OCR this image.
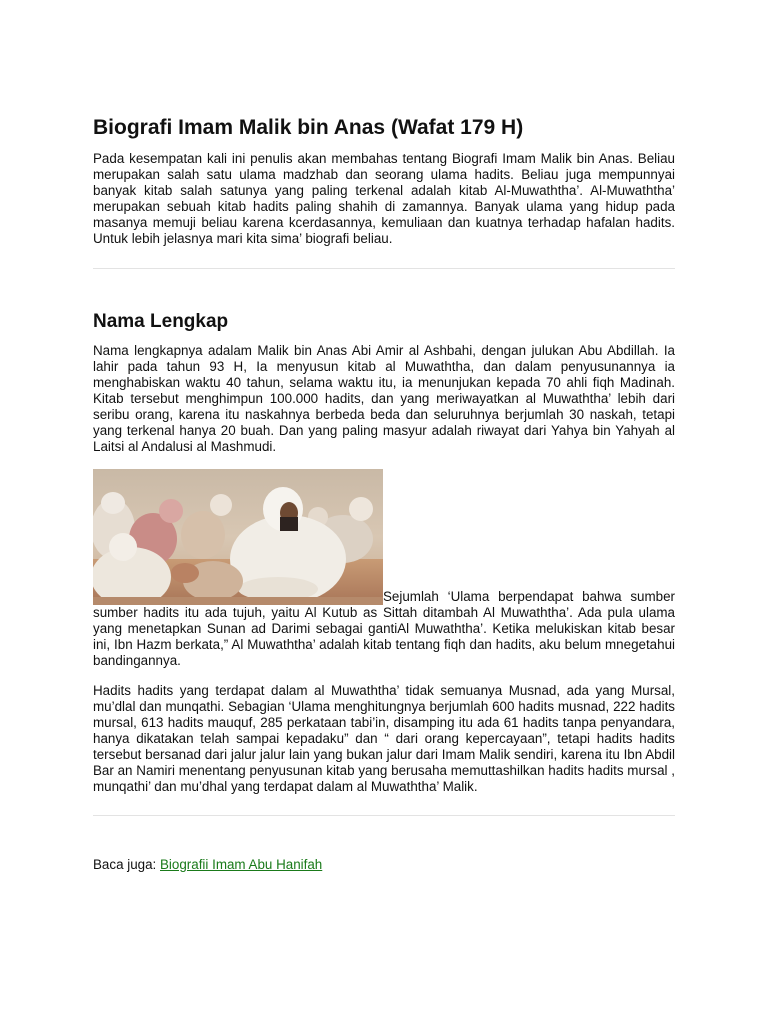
Biografi Imam Malik bin Anas (Wafat 179 H)

Pada kesempatan kali ini penulis akan membahas tentang Biografi Imam Malik bin Anas. Beliau merupakan salah satu ulama madzhab dan seorang ulama hadits. Beliau juga mempunnyai banyak kitab salah satunya yang paling terkenal adalah kitab Al-Muwaththa’. Al-Muwaththa’ merupakan sebuah kitab hadits paling shahih di zamannya. Banyak ulama yang hidup pada masanya memuji beliau karena kcerdasannya, kemuliaan dan kuatnya terhadap hafalan hadits. Untuk lebih jelasnya mari kita sima’ biografi beliau.

Nama Lengkap

Nama lengkapnya adalam Malik bin Anas Abi Amir al Ashbahi, dengan julukan Abu Abdillah. Ia lahir pada tahun 93 H, Ia menyusun kitab al Muwaththa, dan dalam penyusunannya ia menghabiskan waktu 40 tahun, selama waktu itu, ia menunjukan kepada 70 ahli fiqh Madinah. Kitab tersebut menghimpun 100.000 hadits, dan yang meriwayatkan al Muwaththa’ lebih dari seribu orang, karena itu naskahnya berbeda beda dan seluruhnya berjumlah 30 naskah, tetapi yang terkenal hanya 20 buah. Dan yang paling masyur adalah riwayat dari Yahya bin Yahyah al Laitsi al Andalusi al Mashmudi.

Sejumlah ‘Ulama berpendapat bahwa sumber sumber hadits itu ada tujuh, yaitu Al Kutub as Sittah ditambah Al Muwaththa’. Ada pula ulama yang menetapkan Sunan ad Darimi sebagai gantiAl Muwaththa’. Ketika melukiskan kitab besar ini, Ibn Hazm berkata,” Al Muwaththa’ adalah kitab tentang fiqh dan hadits, aku belum mnegetahui bandingannya.

Hadits hadits yang terdapat dalam al Muwaththa’ tidak semuanya Musnad, ada yang Mursal, mu’dlal dan munqathi. Sebagian ‘Ulama menghitungnya berjumlah 600 hadits musnad, 222 hadits mursal, 613 hadits mauquf, 285 perkataan tabi’in, disamping itu ada 61 hadits tanpa penyandara, hanya dikatakan telah sampai kepadaku” dan “ dari orang kepercayaan”, tetapi hadits hadits tersebut bersanad dari jalur jalur lain yang bukan jalur dari Imam Malik sendiri, karena itu Ibn Abdil Bar an Namiri menentang penyusunan kitab yang berusaha memuttashilkan hadits hadits mursal , munqathi’ dan mu’dhal yang terdapat dalam al Muwaththa’ Malik.

Baca juga: Biografii Imam Abu Hanifah
